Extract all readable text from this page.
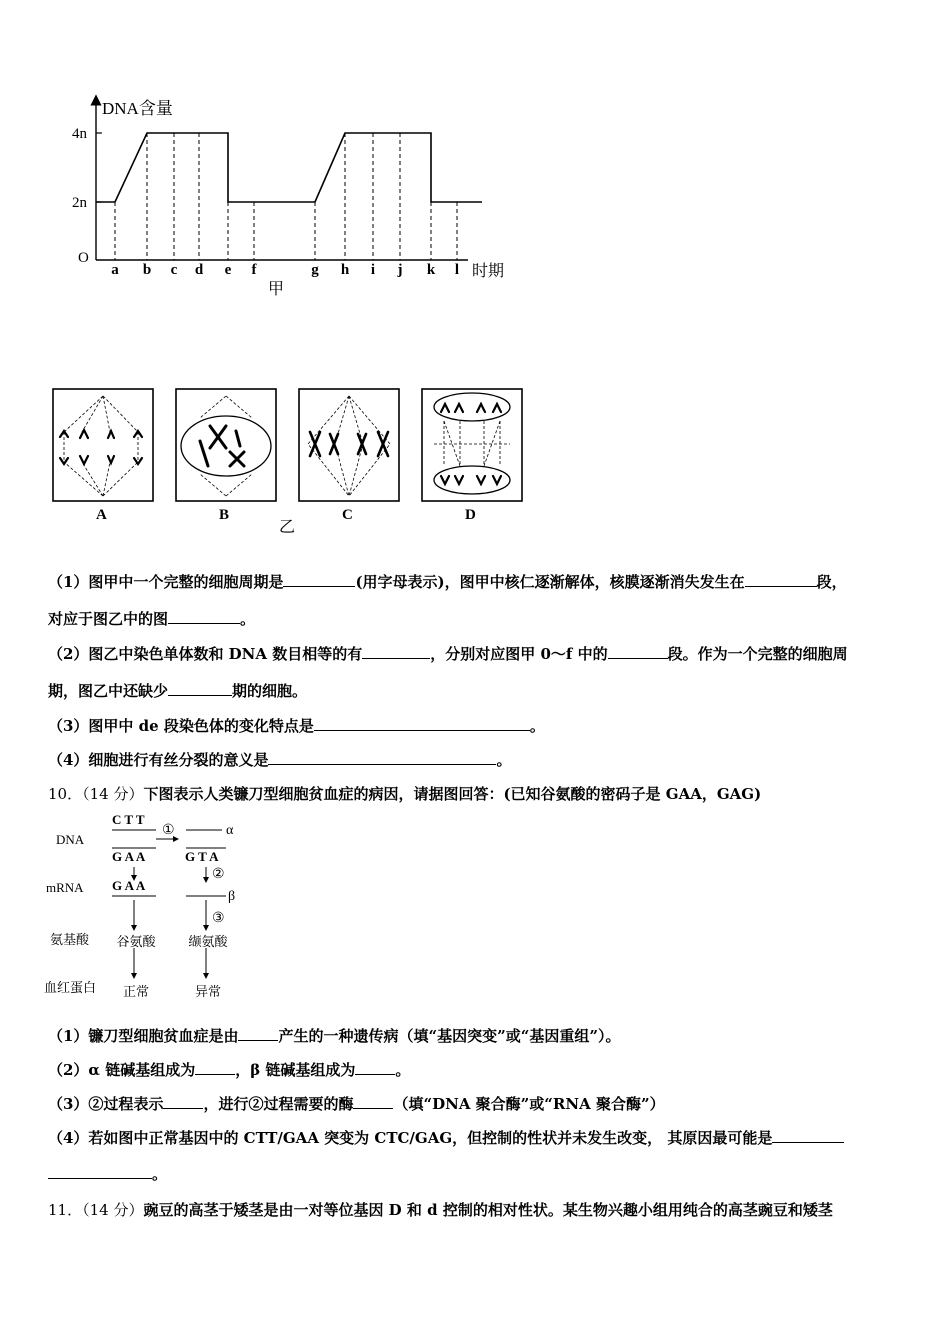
DNA含量
4n
2n
O
a b c d e f	g h i j k l 时期
甲
A	B	C	D
乙
（1）图甲中一个完整的细胞周期是	(用字母表示)，图甲中核仁逐渐解体，核膜逐渐消失发生在	段，
对应于图乙中的图	。
（2）图乙中染色单体数和 DNA 数目相等的有	，分别对应图甲 0～f 中的	段。作为一个完整的细胞周
期，图乙中还缺少	期的细胞。
（3）图甲中 de 段染色体的变化特点是	。
（4）细胞进行有丝分裂的意义是	。
10．（14 分）下图表示人类镰刀型细胞贫血症的病因，请据图回答：(已知谷氨酸的密码子是 GAA，GAG)
DNA
mRNA
氨基酸
血红蛋白
C T T
G A A	G T A
G A A
①
②
③
α
β
谷氨酸	缬氨酸
正常	异常
（1）镰刀型细胞贫血症是由	产生的一种遗传病（填“基因突变”或“基因重组”）。
（2）α 链碱基组成为	，β 链碱基组成为	。
（3）②过程表示	，进行②过程需要的酶	（填“DNA 聚合酶”或“RNA 聚合酶”）
（4）若如图中正常基因中的 CTT/GAA 突变为 CTC/GAG，但控制的性状并未发生改变， 其原因最可能是
。
11．（14 分）豌豆的高茎于矮茎是由一对等位基因 D 和 d 控制的相对性状。某生物兴趣小组用纯合的高茎豌豆和矮茎
